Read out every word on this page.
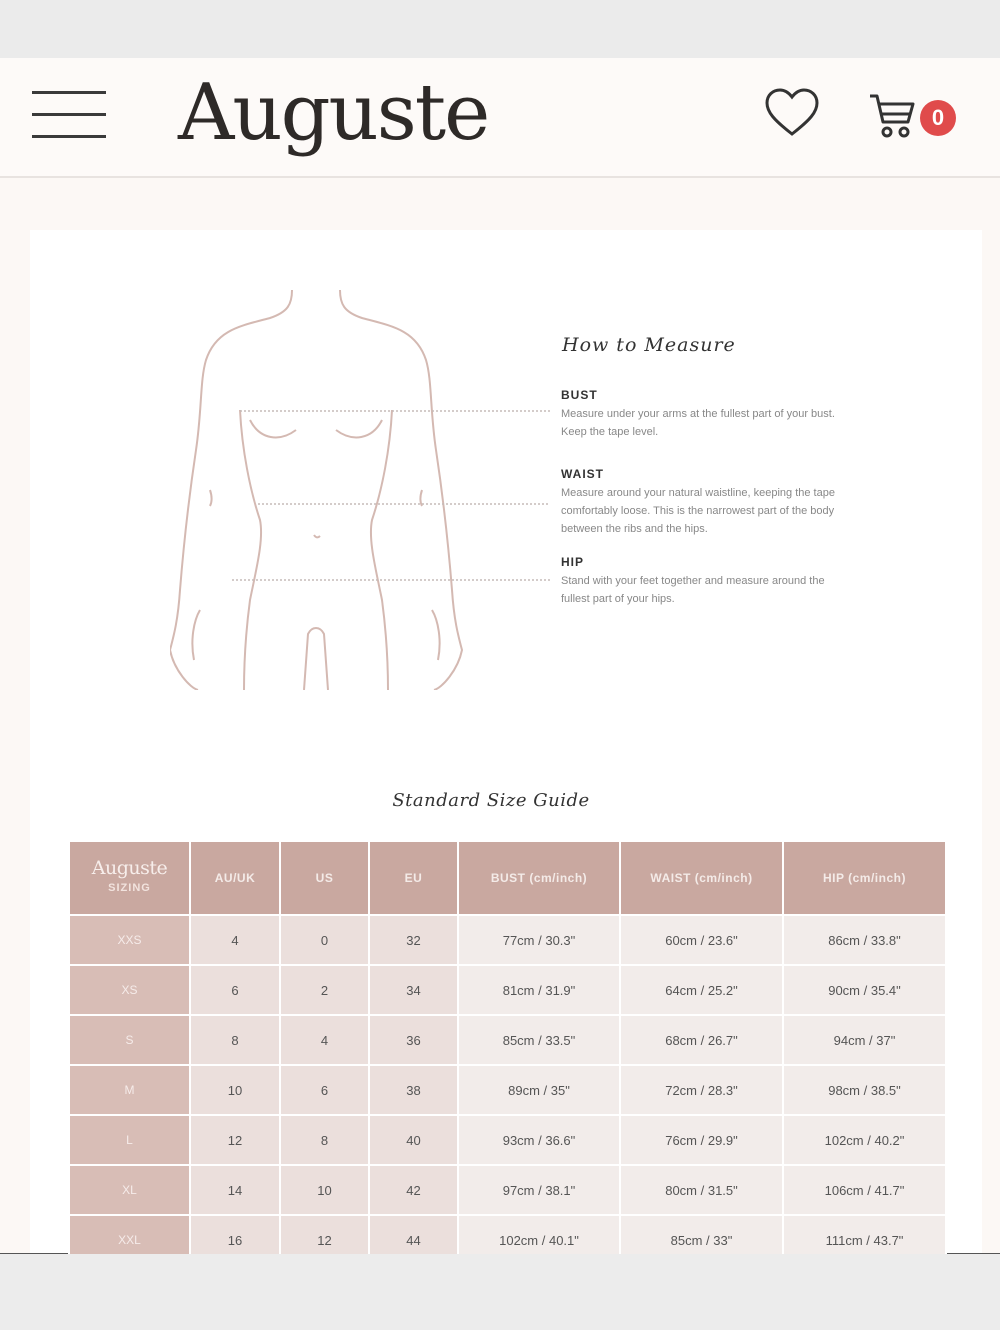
Auguste	0
How to Measure
BUST
Measure under your arms at the fullest part of your bust. Keep the tape level.
WAIST
Measure around your natural waistline, keeping the tape comfortably loose. This is the narrowest part of the body between the ribs and the hips.
HIP
Stand with your feet together and measure around the fullest part of your hips.
Standard Size Guide
Auguste
SIZING	AU/UK	US	EU	BUST (cm/inch)	WAIST (cm/inch)	HIP (cm/inch)
XXS	4	0	32	77cm / 30.3"	60cm / 23.6"	86cm / 33.8"
XS	6	2	34	81cm / 31.9"	64cm / 25.2"	90cm / 35.4"
S	8	4	36	85cm / 33.5"	68cm / 26.7"	94cm / 37"
M	10	6	38	89cm / 35"	72cm / 28.3"	98cm / 38.5"
L	12	8	40	93cm / 36.6"	76cm / 29.9"	102cm / 40.2"
XL	14	10	42	97cm / 38.1"	80cm / 31.5"	106cm / 41.7"
XXL	16	12	44	102cm / 40.1"	85cm / 33"	111cm / 43.7"
